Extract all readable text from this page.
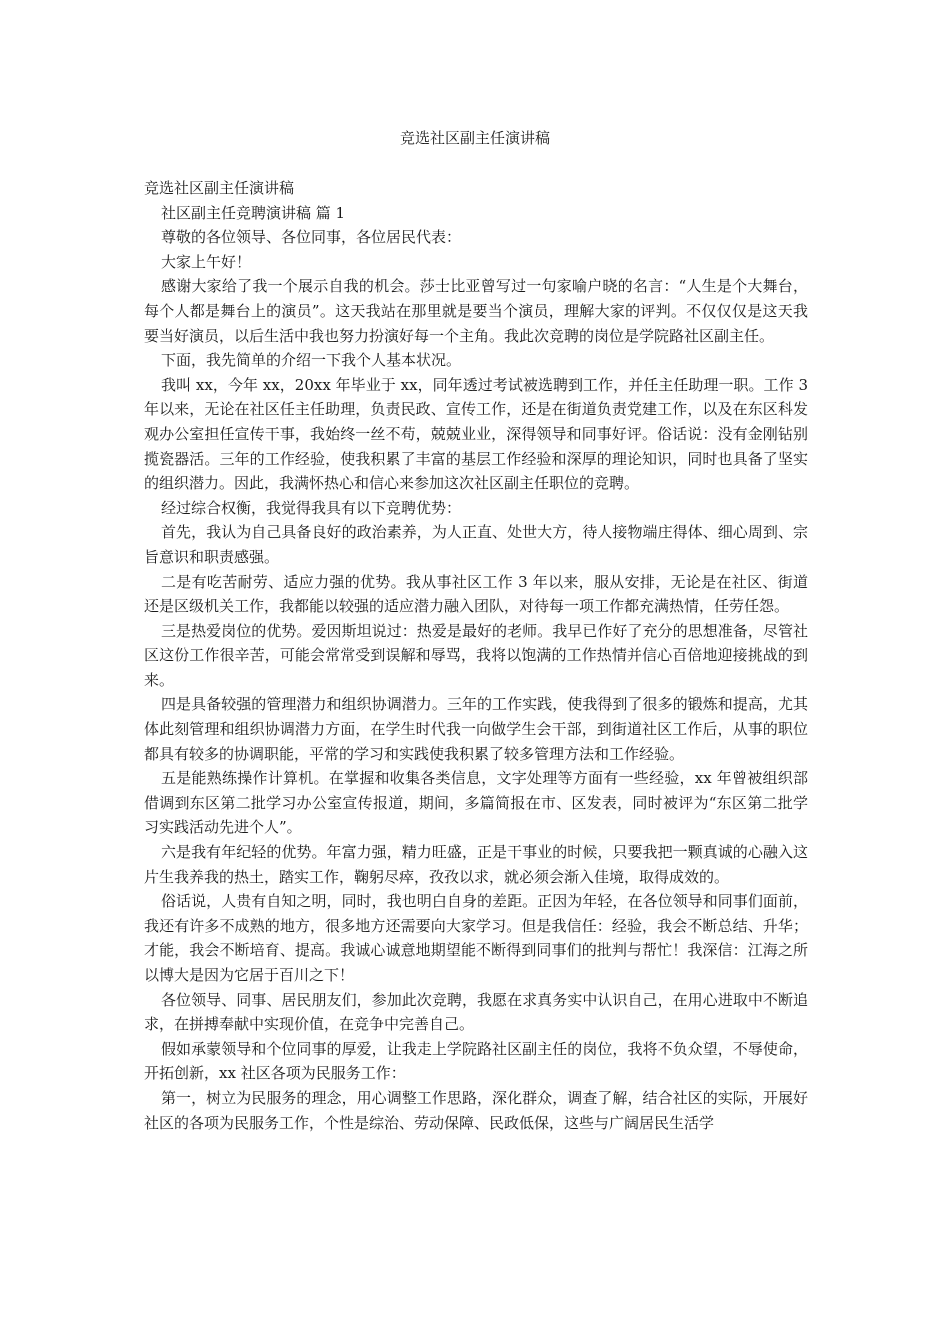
竞选社区副主任演讲稿

竞选社区副主任演讲稿

社区副主任竞聘演讲稿 篇 1

尊敬的各位领导、各位同事，各位居民代表：

大家上午好！

感谢大家给了我一个展示自我的机会。莎士比亚曾写过一句家喻户晓的名言：“人生是个大舞台，每个人都是舞台上的演员”。这天我站在那里就是要当个演员，理解大家的评判。不仅仅仅是这天我要当好演员，以后生活中我也努力扮演好每一个主角。我此次竞聘的岗位是学院路社区副主任。

下面，我先简单的介绍一下我个人基本状况。

我叫 xx，今年 xx，20xx 年毕业于 xx，同年透过考试被选聘到工作，并任主任助理一职。工作 3 年以来，无论在社区任主任助理，负责民政、宣传工作，还是在街道负责党建工作，以及在东区科发观办公室担任宣传干事，我始终一丝不苟，兢兢业业，深得领导和同事好评。俗话说：没有金刚钻别揽瓷器活。三年的工作经验，使我积累了丰富的基层工作经验和深厚的理论知识，同时也具备了坚实的组织潜力。因此，我满怀热心和信心来参加这次社区副主任职位的竞聘。

经过综合权衡，我觉得我具有以下竞聘优势：

首先，我认为自己具备良好的政治素养，为人正直、处世大方，待人接物端庄得体、细心周到、宗旨意识和职责感强。

二是有吃苦耐劳、适应力强的优势。我从事社区工作 3 年以来，服从安排，无论是在社区、街道还是区级机关工作，我都能以较强的适应潜力融入团队，对待每一项工作都充满热情，任劳任怨。

三是热爱岗位的优势。爱因斯坦说过：热爱是最好的老师。我早已作好了充分的思想准备，尽管社区这份工作很辛苦，可能会常常受到误解和辱骂，我将以饱满的工作热情并信心百倍地迎接挑战的到来。

四是具备较强的管理潜力和组织协调潜力。三年的工作实践，使我得到了很多的锻炼和提高，尤其体此刻管理和组织协调潜力方面，在学生时代我一向做学生会干部，到街道社区工作后，从事的职位都具有较多的协调职能，平常的学习和实践使我积累了较多管理方法和工作经验。

五是能熟练操作计算机。在掌握和收集各类信息，文字处理等方面有一些经验，xx 年曾被组织部借调到东区第二批学习办公室宣传报道，期间，多篇简报在市、区发表，同时被评为“东区第二批学习实践活动先进个人”。

六是我有年纪轻的优势。年富力强，精力旺盛，正是干事业的时候，只要我把一颗真诚的心融入这片生我养我的热土，踏实工作，鞠躬尽瘁，孜孜以求，就必须会渐入佳境，取得成效的。

俗话说，人贵有自知之明，同时，我也明白自身的差距。正因为年轻，在各位领导和同事们面前，我还有许多不成熟的地方，很多地方还需要向大家学习。但是我信任：经验，我会不断总结、升华；才能，我会不断培育、提高。我诚心诚意地期望能不断得到同事们的批判与帮忙！我深信：江海之所以博大是因为它居于百川之下！

各位领导、同事、居民朋友们，参加此次竞聘，我愿在求真务实中认识自己，在用心进取中不断追求，在拼搏奉献中实现价值，在竞争中完善自己。

假如承蒙领导和个位同事的厚爱，让我走上学院路社区副主任的岗位，我将不负众望，不辱使命，开拓创新，xx 社区各项为民服务工作：

第一，树立为民服务的理念，用心调整工作思路，深化群众，调查了解，结合社区的实际，开展好社区的各项为民服务工作，个性是综治、劳动保障、民政低保，这些与广阔居民生活学
